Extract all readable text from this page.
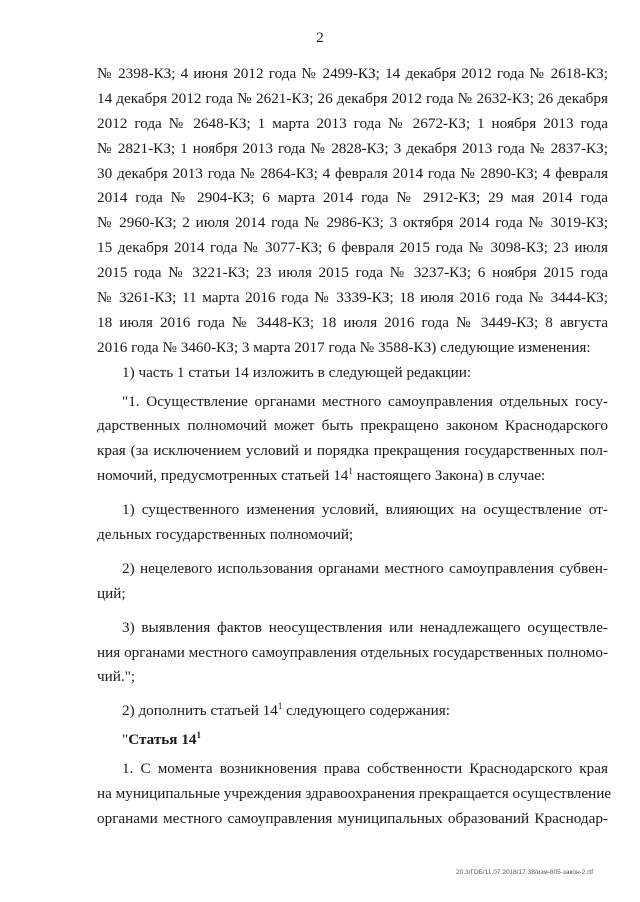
2
№ 2398-КЗ; 4 июня 2012 года № 2499-КЗ; 14 декабря 2012 года № 2618-КЗ;
14 декабря 2012 года № 2621-КЗ; 26 декабря 2012 года № 2632-КЗ; 26 декабря
2012 года № 2648-КЗ; 1 марта 2013 года № 2672-КЗ; 1 ноября 2013 года
№ 2821-КЗ; 1 ноября 2013 года № 2828-КЗ; 3 декабря 2013 года № 2837-КЗ;
30 декабря 2013 года № 2864-КЗ; 4 февраля 2014 года № 2890-КЗ; 4 февраля
2014 года № 2904-КЗ; 6 марта 2014 года № 2912-КЗ; 29 мая 2014 года
№ 2960-КЗ; 2 июля 2014 года № 2986-КЗ; 3 октября 2014 года № 3019-КЗ;
15 декабря 2014 года № 3077-КЗ; 6 февраля 2015 года № 3098-КЗ; 23 июля
2015 года № 3221-КЗ; 23 июля 2015 года № 3237-КЗ; 6 ноября 2015 года
№ 3261-КЗ; 11 марта 2016 года № 3339-КЗ; 18 июля 2016 года № 3444-КЗ;
18 июля 2016 года № 3448-КЗ; 18 июля 2016 года № 3449-КЗ; 8 августа
2016 года № 3460-КЗ; 3 марта 2017 года № 3588-КЗ) следующие изменения:
1) часть 1 статьи 14 изложить в следующей редакции:
"1. Осуществление органами местного самоуправления отдельных госу-
дарственных полномочий может быть прекращено законом Краснодарского
края (за исключением условий и порядка прекращения государственных пол-
номочий, предусмотренных статьей $14^1$ настоящего Закона) в случае:
1) существенного изменения условий, влияющих на осуществление от-
дельных государственных полномочий;
2) нецелевого использования органами местного самоуправления субвен-
ций;
3) выявления фактов неосуществления или ненадлежащего осуществле-
ния органами местного самоуправления отдельных государственных полномо-
чий.";
2) дополнить статьей $14^1$ следующего содержания:
"Статья $14^1$
1. С момента возникновения права собственности Краснодарского края
на муниципальные учреждения здравоохранения прекращается осуществление
органами местного самоуправления муниципальных образований Краснодар-
20.3/ГОБ/11.07.2018/17.38/изм-805-закон-2.rtf
